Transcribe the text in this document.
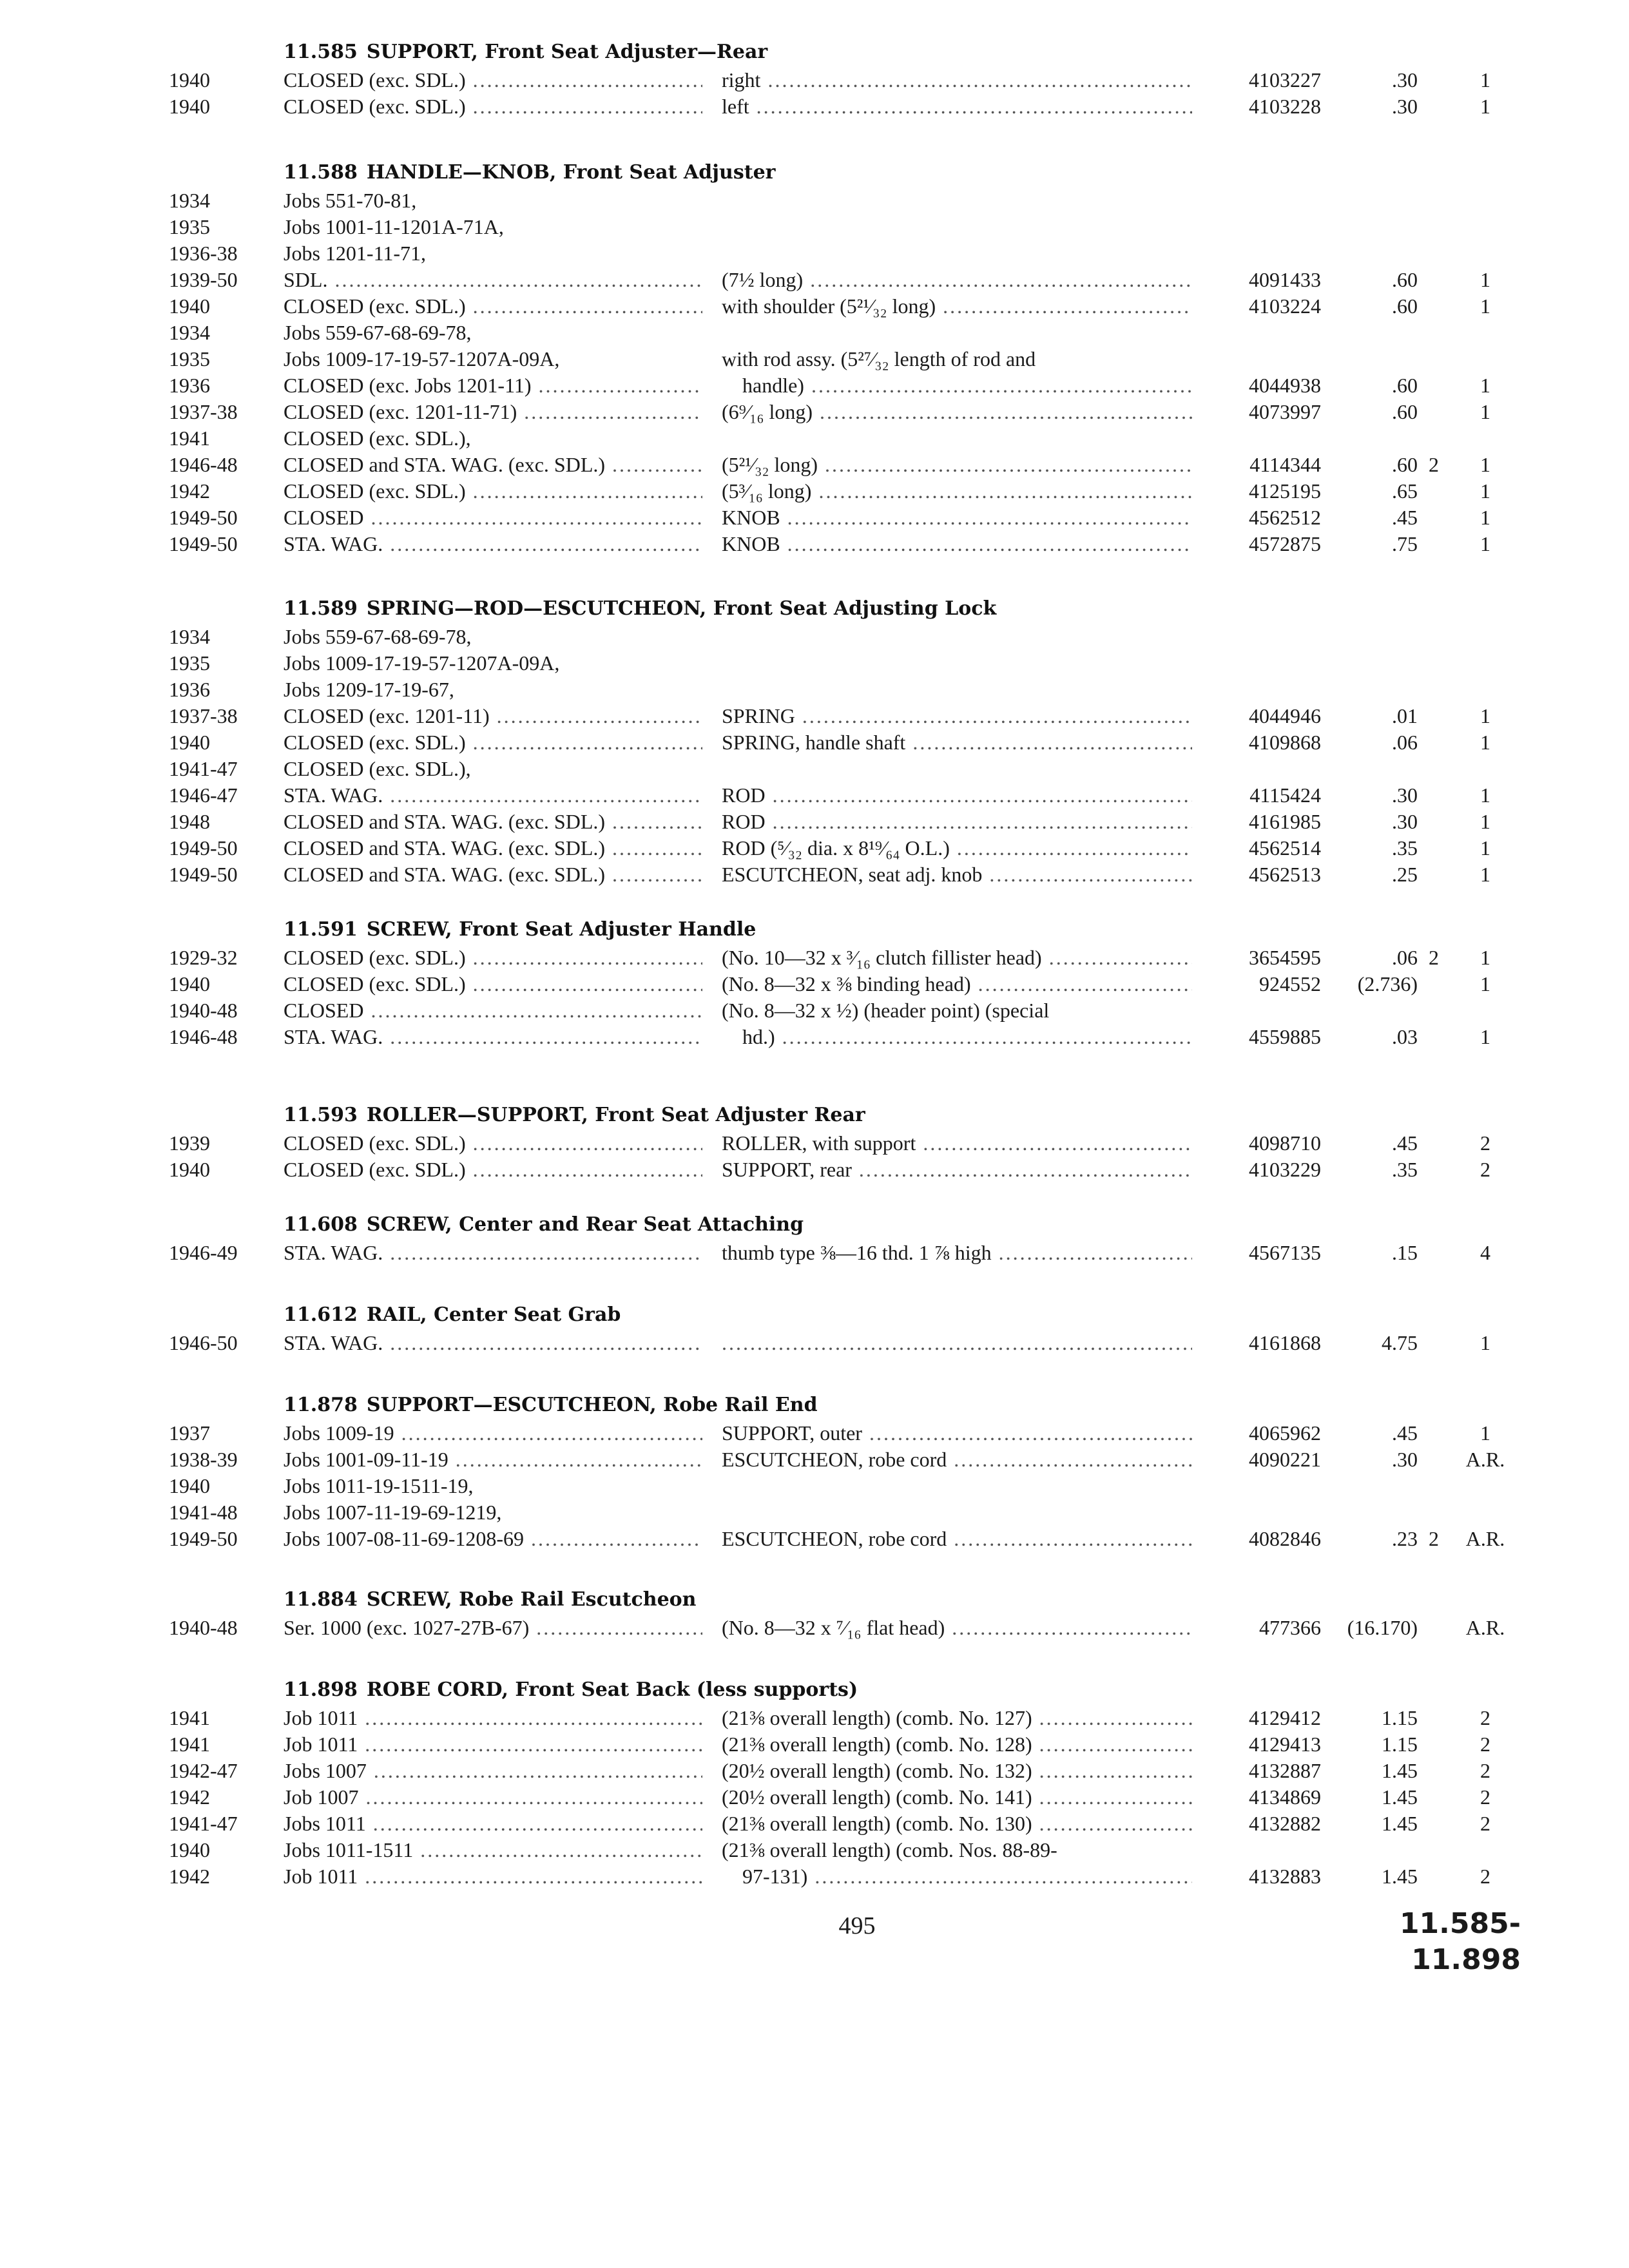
11.585 SUPPORT, Front Seat Adjuster—Rear
1940	CLOSED (exc. SDL.) .....	right .....	4103227	.30	1
1940	CLOSED (exc. SDL.) .....	left .....	4103228	.30	1
11.588 HANDLE—KNOB, Front Seat Adjuster
1934	Jobs 551-70-81,
1935	Jobs 1001-11-1201A-71A,
1936-38	Jobs 1201-11-71,
1939-50	SDL. .....	(7½ long) .....	4091433	.60	1
1940	CLOSED (exc. SDL.) .....	with shoulder (5²¹⁄₃₂ long) .....	4103224	.60	1
1934	Jobs 559-67-68-69-78,
1935	Jobs 1009-17-19-57-1207A-09A,	with rod assy. (5²⁷⁄₃₂ length of rod and
1936	CLOSED (exc. Jobs 1201-11) .....	 handle) .....	4044938	.60	1
1937-38	CLOSED (exc. 1201-11-71) .....	(6⁹⁄₁₆ long) .....	4073997	.60	1
1941	CLOSED (exc. SDL.),
1946-48	CLOSED and STA. WAG. (exc. SDL.) .....	(5²¹⁄₃₂ long) .....	4114344	.60 2	1
1942	CLOSED (exc. SDL.) .....	(5³⁄₁₆ long) .....	4125195	.65	1
1949-50	CLOSED .....	KNOB .....	4562512	.45	1
1949-50	STA. WAG. .....	KNOB .....	4572875	.75	1
11.589 SPRING—ROD—ESCUTCHEON, Front Seat Adjusting Lock
1934	Jobs 559-67-68-69-78,
1935	Jobs 1009-17-19-57-1207A-09A,
1936	Jobs 1209-17-19-67,
1937-38	CLOSED (exc. 1201-11) .....	SPRING .....	4044946	.01	1
1940	CLOSED (exc. SDL.) .....	SPRING, handle shaft .....	4109868	.06	1
1941-47	CLOSED (exc. SDL.),
1946-47	STA. WAG. .....	ROD .....	4115424	.30	1
1948	CLOSED and STA. WAG. (exc. SDL.) .....	ROD .....	4161985	.30	1
1949-50	CLOSED and STA. WAG. (exc. SDL.) .....	ROD (⁵⁄₃₂ dia. x 8¹⁹⁄₆₄ O.L.) .....	4562514	.35	1
1949-50	CLOSED and STA. WAG. (exc. SDL.) .....	ESCUTCHEON, seat adj. knob .....	4562513	.25	1
11.591 SCREW, Front Seat Adjuster Handle
1929-32	CLOSED (exc. SDL.) .....	(No. 10—32 x ³⁄₁₆ clutch fillister head) .....	3654595	.06 2	1
1940	CLOSED (exc. SDL.) .....	(No. 8—32 x ⅜ binding head) .....	924552	(2.736)	1
1940-48	CLOSED .....	(No. 8—32 x ½) (header point) (special
1946-48	STA. WAG. .....	 hd.) .....	4559885	.03	1
11.593 ROLLER—SUPPORT, Front Seat Adjuster Rear
1939	CLOSED (exc. SDL.) .....	ROLLER, with support .....	4098710	.45	2
1940	CLOSED (exc. SDL.) .....	SUPPORT, rear .....	4103229	.35	2
11.608 SCREW, Center and Rear Seat Attaching
1946-49	STA. WAG. .....	thumb type ⅜—16 thd. 1 ⅞ high .....	4567135	.15	4
11.612 RAIL, Center Seat Grab
1946-50	STA. WAG. .....
.....	4161868	4.75	1
11.878 SUPPORT—ESCUTCHEON, Robe Rail End
1937	Jobs 1009-19 .....	SUPPORT, outer .....	4065962	.45	1
1938-39	Jobs 1001-09-11-19 .....	ESCUTCHEON, robe cord .....	4090221	.30	A.R.
1940	Jobs 1011-19-1511-19,
1941-48	Jobs 1007-11-19-69-1219,
1949-50	Jobs 1007-08-11-69-1208-69 .....	ESCUTCHEON, robe cord .....	4082846	.23 2	A.R.
11.884 SCREW, Robe Rail Escutcheon
1940-48	Ser. 1000 (exc. 1027-27B-67) .....	(No. 8—32 x ⁷⁄₁₆ flat head) .....	477366	(16.170)	A.R.
11.898 ROBE CORD, Front Seat Back (less supports)
1941	Job 1011 .....	(21⅜ overall length) (comb. No. 127) .....	4129412	1.15	2
1941	Job 1011 .....	(21⅜ overall length) (comb. No. 128) .....	4129413	1.15	2
1942-47	Jobs 1007 .....	(20½ overall length) (comb. No. 132) .....	4132887	1.45	2
1942	Job 1007 .....	(20½ overall length) (comb. No. 141) .....	4134869	1.45	2
1941-47	Jobs 1011 .....	(21⅜ overall length) (comb. No. 130) .....	4132882	1.45	2
1940	Jobs 1011-1511 .....	(21⅜ overall length) (comb. Nos. 88-89-
1942	Job 1011 .....	 97-131) .....	4132883	1.45	2
495	11.585-11.898
